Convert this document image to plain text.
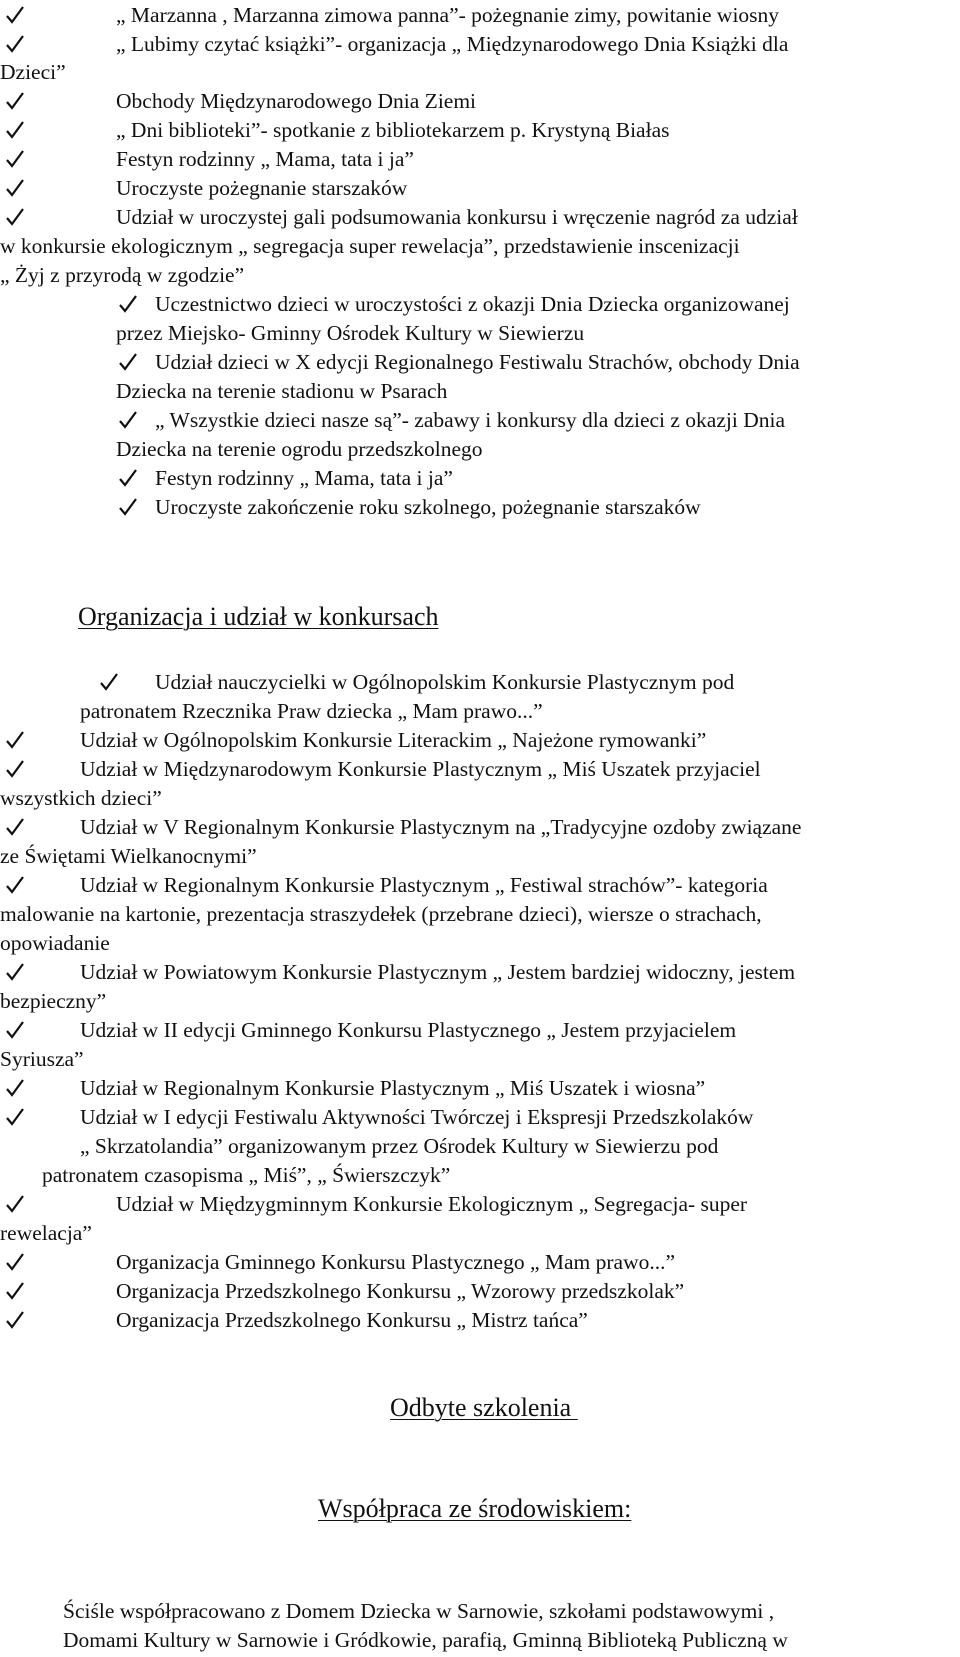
„ Marzanna , Marzanna zimowa panna”- pożegnanie zimy, powitanie wiosny
„ Lubimy czytać książki”- organizacja „ Międzynarodowego Dnia Książki dla
Dzieci”
Obchody Międzynarodowego Dnia Ziemi
„ Dni biblioteki”- spotkanie z bibliotekarzem p. Krystyną Białas
Festyn rodzinny „ Mama, tata i ja”
Uroczyste pożegnanie starszaków
Udział w uroczystej gali podsumowania konkursu i wręczenie nagród za udział
w konkursie ekologicznym „ segregacja super rewelacja”, przedstawienie inscenizacji
„ Żyj z przyrodą w zgodzie”
Uczestnictwo dzieci w uroczystości z okazji Dnia Dziecka organizowanej
przez Miejsko- Gminny Ośrodek Kultury w Siewierzu
Udział dzieci w X edycji Regionalnego Festiwalu Strachów, obchody Dnia
Dziecka na terenie stadionu w Psarach
„ Wszystkie dzieci nasze są”- zabawy i konkursy dla dzieci z okazji Dnia
Dziecka na terenie ogrodu przedszkolnego
Festyn rodzinny „ Mama, tata i ja”
Uroczyste zakończenie roku szkolnego, pożegnanie starszaków
Organizacja i udział w konkursach
Udział nauczycielki w Ogólnopolskim Konkursie Plastycznym pod
patronatem Rzecznika Praw dziecka „ Mam prawo...”
Udział w Ogólnopolskim Konkursie Literackim „ Najeżone rymowanki”
Udział w Międzynarodowym Konkursie Plastycznym „ Miś Uszatek przyjaciel
wszystkich dzieci”
Udział w V Regionalnym Konkursie Plastycznym na „Tradycyjne ozdoby związane
ze Świętami Wielkanocnymi”
Udział w Regionalnym Konkursie Plastycznym „ Festiwal strachów”- kategoria
malowanie na kartonie, prezentacja straszydełek (przebrane dzieci), wiersze o strachach,
opowiadanie
Udział w Powiatowym Konkursie Plastycznym „ Jestem bardziej widoczny, jestem
bezpieczny”
Udział w II edycji Gminnego Konkursu Plastycznego „ Jestem przyjacielem
Syriusza”
Udział w Regionalnym Konkursie Plastycznym „ Miś Uszatek i wiosna”
Udział w I edycji Festiwalu Aktywności Twórczej i Ekspresji Przedszkolaków
„ Skrzatolandia” organizowanym przez Ośrodek Kultury w Siewierzu pod
patronatem czasopisma „ Miś”, „ Świerszczyk”
Udział w Międzygminnym Konkursie Ekologicznym „ Segregacja- super
rewelacja”
Organizacja Gminnego Konkursu Plastycznego „ Mam prawo...”
Organizacja Przedszkolnego Konkursu „ Wzorowy przedszkolak”
Organizacja Przedszkolnego Konkursu „ Mistrz tańca”
Odbyte szkolenia
Współpraca ze środowiskiem:
Ściśle współpracowano z Domem Dziecka w Sarnowie, szkołami podstawowymi ,
Domami Kultury w Sarnowie i Gródkowie, parafią, Gminną Biblioteką Publiczną w
